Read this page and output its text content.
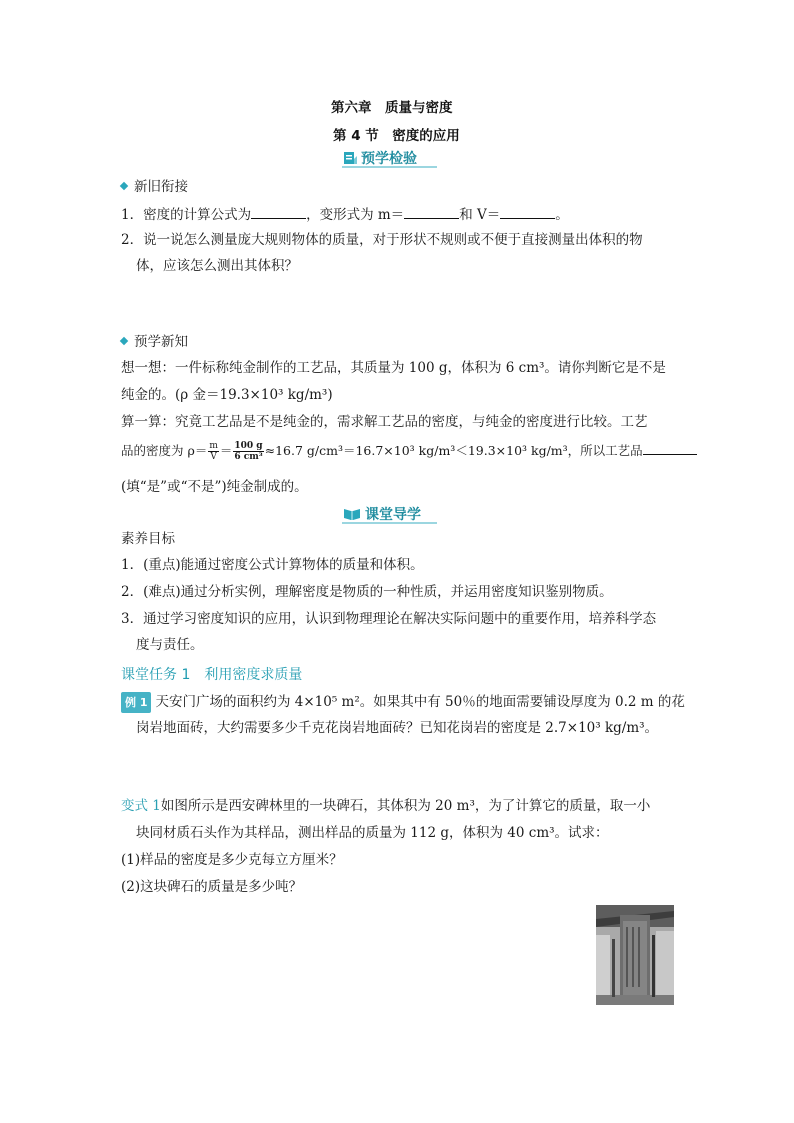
第六章　质量与密度
第 4 节　密度的应用
预学检验
新旧衔接
1．密度的计算公式为	，变形式为 m＝	和 V＝	。
2．说一说怎么测量庞大规则物体的质量，对于形状不规则或不便于直接测量出体积的物
体，应该怎么测出其体积？
预学新知
想一想：一件标称纯金制作的工艺品，其质量为 100 g，体积为 6 cm³。请你判断它是不是
纯金的。(ρ 金＝19.3×10³ kg/m³)
算一算：究竟工艺品是不是纯金的，需求解工艺品的密度，与纯金的密度进行比较。工艺
品的密度为 $\rho= \frac{m}{V} = \frac{100 g}{\text{6 cm³}} \approx 16.7$ g/cm³＝16.7×10³ kg/m³＜19.3×10³ kg/m³，所以工艺品
(填“是”或“不是”)纯金制成的。
课堂导学
素养目标
1．(重点)能通过密度公式计算物体的质量和体积。
2．(难点)通过分析实例，理解密度是物质的一种性质，并运用密度知识鉴别物质。
3．通过学习密度知识的应用，认识到物理理论在解决实际问题中的重要作用，培养科学态
度与责任。
课堂任务 1　利用密度求质量
例 1 天安门广场的面积约为 4×10⁵ m²。如果其中有 50％的地面需要铺设厚度为 0.2 m 的花
岗岩地面砖，大约需要多少千克花岗岩地面砖？已知花岗岩的密度是 2.7×10³ kg/m³。
变式 1如图所示是西安碑林里的一块碑石，其体积为 20 m³，为了计算它的质量，取一小
块同材质石头作为其样品，测出样品的质量为 112 g，体积为 40 cm³。试求：
(1)样品的密度是多少克每立方厘米？
(2)这块碑石的质量是多少吨？
